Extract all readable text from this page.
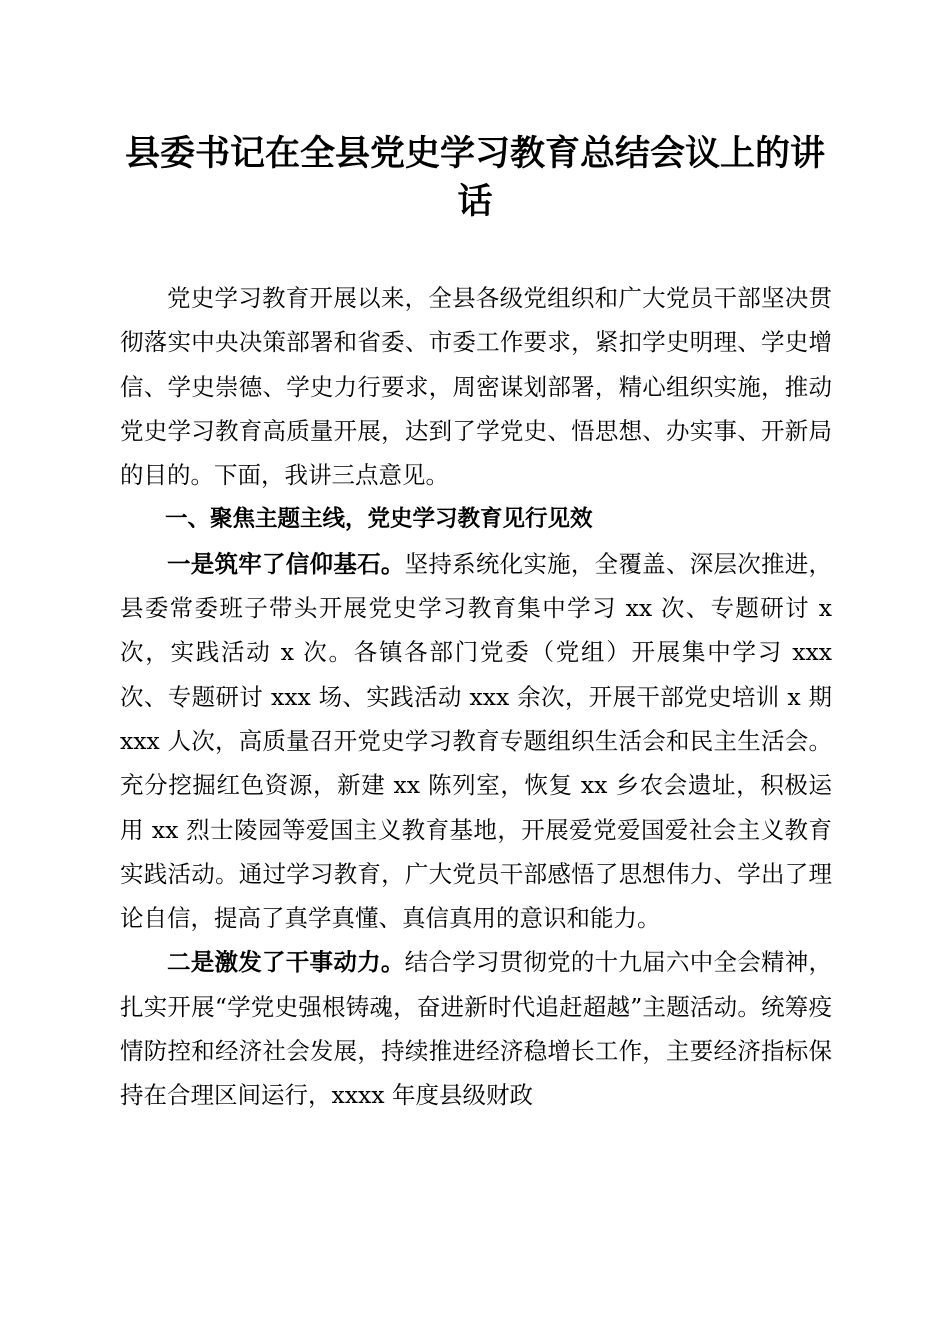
县委书记在全县党史学习教育总结会议上的讲话

党史学习教育开展以来，全县各级党组织和广大党员干部坚决贯彻落实中央决策部署和省委、市委工作要求，紧扣学史明理、学史增信、学史崇德、学史力行要求，周密谋划部署，精心组织实施，推动党史学习教育高质量开展，达到了学党史、悟思想、办实事、开新局的目的。下面，我讲三点意见。

一、聚焦主题主线，党史学习教育见行见效

一是筑牢了信仰基石。坚持系统化实施，全覆盖、深层次推进，县委常委班子带头开展党史学习教育集中学习 xx 次、专题研讨 x 次，实践活动 x 次。各镇各部门党委（党组）开展集中学习 xxx 次、专题研讨 xxx 场、实践活动 xxx 余次，开展干部党史培训 x 期 xxx 人次，高质量召开党史学习教育专题组织生活会和民主生活会。充分挖掘红色资源，新建 xx 陈列室，恢复 xx 乡农会遗址，积极运用 xx 烈士陵园等爱国主义教育基地，开展爱党爱国爱社会主义教育实践活动。通过学习教育，广大党员干部感悟了思想伟力、学出了理论自信，提高了真学真懂、真信真用的意识和能力。

二是激发了干事动力。结合学习贯彻党的十九届六中全会精神，扎实开展“学党史强根铸魂，奋进新时代追赶超越”主题活动。统筹疫情防控和经济社会发展，持续推进经济稳增长工作，主要经济指标保持在合理区间运行，xxxx 年度县级财政
